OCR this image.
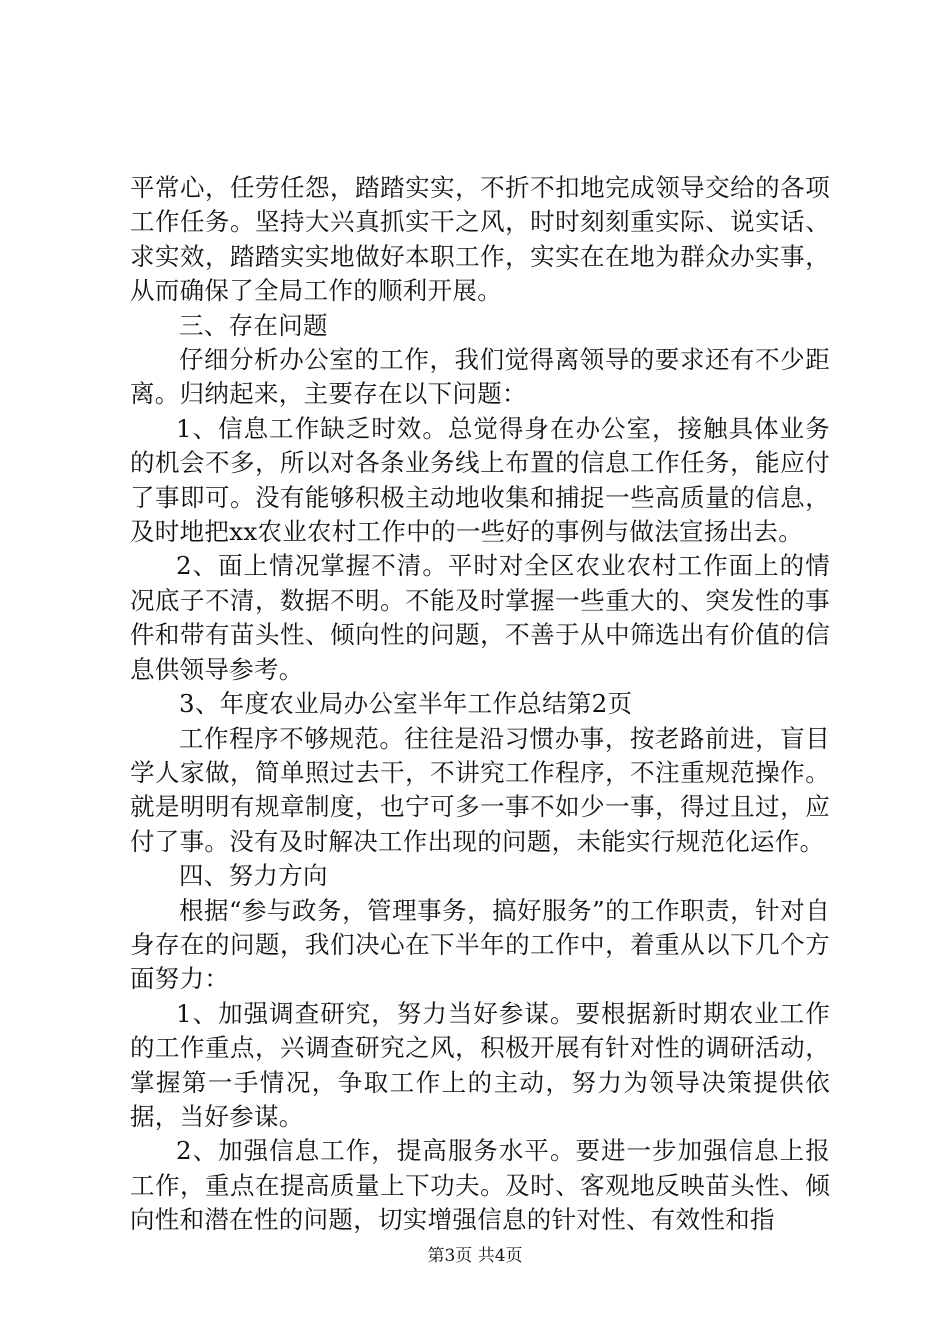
平常心，任劳任怨，踏踏实实，不折不扣地完成领导交给的各项工作任务。坚持大兴真抓实干之风，时时刻刻重实际、说实话、求实效，踏踏实实地做好本职工作，实实在在地为群众办实事，从而确保了全局工作的顺利开展。

三、存在问题

仔细分析办公室的工作，我们觉得离领导的要求还有不少距离。归纳起来，主要存在以下问题：

1、信息工作缺乏时效。总觉得身在办公室，接触具体业务的机会不多，所以对各条业务线上布置的信息工作任务，能应付了事即可。没有能够积极主动地收集和捕捉一些高质量的信息，及时地把xx农业农村工作中的一些好的事例与做法宣扬出去。

2、面上情况掌握不清。平时对全区农业农村工作面上的情况底子不清，数据不明。不能及时掌握一些重大的、突发性的事件和带有苗头性、倾向性的问题，不善于从中筛选出有价值的信息供领导参考。

3、年度农业局办公室半年工作总结第2页

工作程序不够规范。往往是沿习惯办事，按老路前进，盲目学人家做，简单照过去干，不讲究工作程序，不注重规范操作。就是明明有规章制度，也宁可多一事不如少一事，得过且过，应付了事。没有及时解决工作出现的问题，未能实行规范化运作。

四、努力方向

根据“参与政务，管理事务，搞好服务”的工作职责，针对自身存在的问题，我们决心在下半年的工作中，着重从以下几个方面努力：

1、加强调查研究，努力当好参谋。要根据新时期农业工作的工作重点，兴调查研究之风，积极开展有针对性的调研活动，掌握第一手情况，争取工作上的主动，努力为领导决策提供依据，当好参谋。

2、加强信息工作，提高服务水平。要进一步加强信息上报工作，重点在提高质量上下功夫。及时、客观地反映苗头性、倾向性和潜在性的问题，切实增强信息的针对性、有效性和指

第3页 共4页
